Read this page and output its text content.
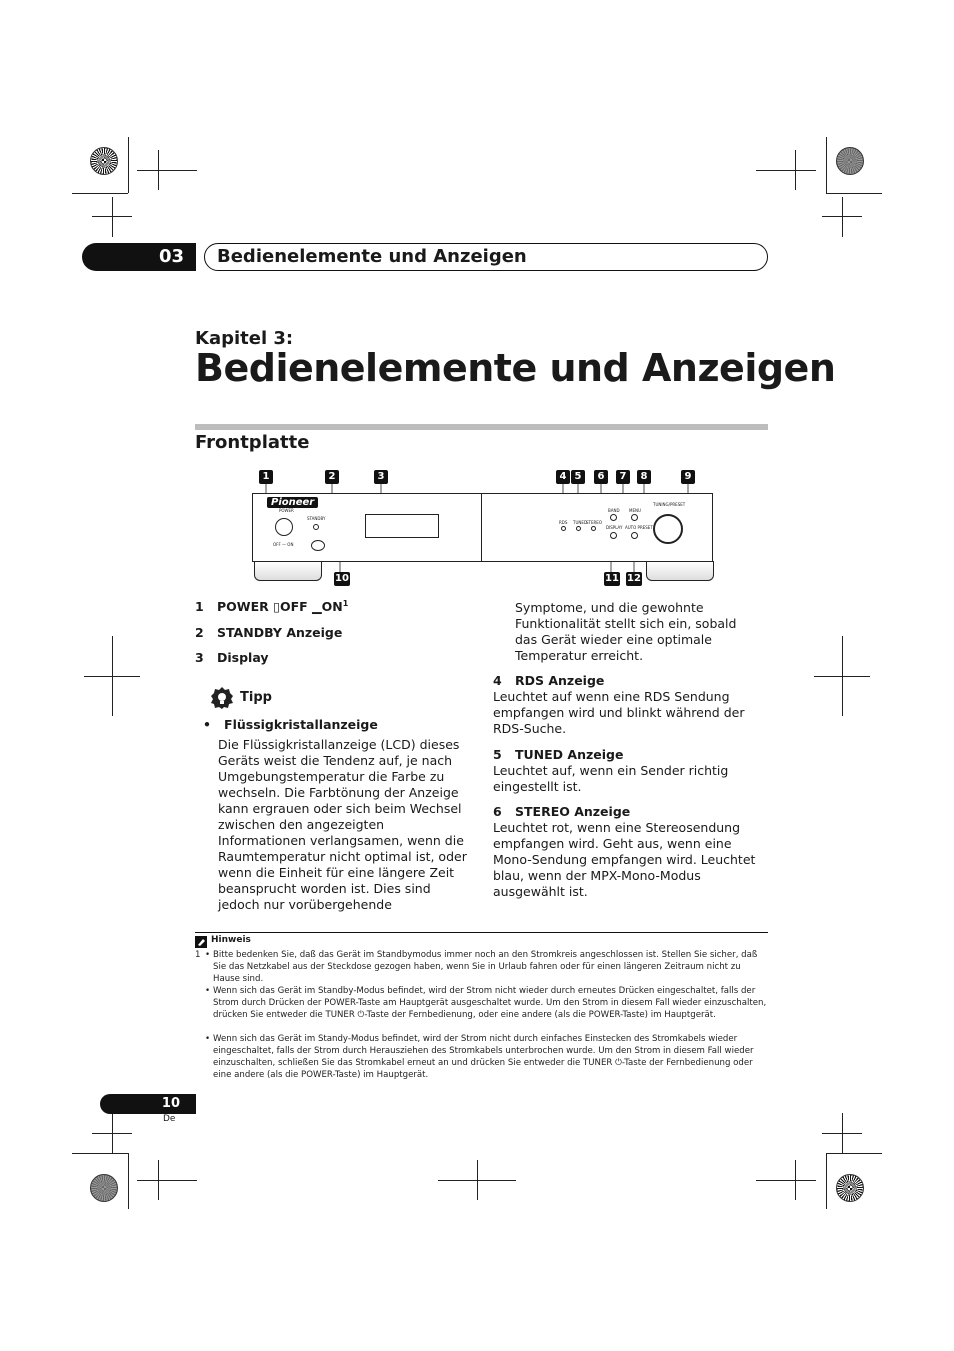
03	Bedienelemente und Anzeigen
Kapitel 3:
Bedienelemente und Anzeigen
Frontplatte
1	2	3	4 5	6	7	8	9
10	11 12
Pioneer
POWER
OFF — ON
STANDBY
RDS TUNED STEREO
BAND MENU
DISPLAY AUTO PRESET
TUNING/PRESET
1 POWER ▯OFF $▁ON^1$
2 STANDBY Anzeige
3 Display
Tipp
•   Flüssigkristallanzeige
Die Flüssigkristallanzeige (LCD) dieses Geräts weist die Tendenz auf, je nach Umgebungstemperatur die Farbe zu wechseln. Die Farbtönung der Anzeige kann ergrauen oder sich beim Wechsel zwischen den angezeigten Informationen verlangsamen, wenn die Raumtemperatur nicht optimal ist, oder wenn die Einheit für eine längere Zeit beansprucht worden ist. Dies sind jedoch nur vorübergehende
Symptome, und die gewohnte Funktionalität stellt sich ein, sobald das Gerät wieder eine optimale Temperatur erreicht.
4 RDS Anzeige
Leuchtet auf wenn eine RDS Sendung empfangen wird und blinkt während der RDS-Suche.
5 TUNED Anzeige
Leuchtet auf, wenn ein Sender richtig eingestellt ist.
6 STEREO Anzeige
Leuchtet rot, wenn eine Stereosendung empfangen wird. Geht aus, wenn eine Mono-Sendung empfangen wird. Leuchtet blau, wenn der MPX-Mono-Modus ausgewählt ist.
Hinweis
1 • Bitte bedenken Sie, daß das Gerät im Standbymodus immer noch an den Stromkreis angeschlossen ist. Stellen Sie sicher, daß Sie das Netzkabel aus der Steckdose gezogen haben, wenn Sie in Urlaub fahren oder für einen längeren Zeitraum nicht zu Hause sind.
• Wenn sich das Gerät im Standby-Modus befindet, wird der Strom nicht wieder durch erneutes Drücken eingeschaltet, falls der Strom durch Drücken der POWER-Taste am Hauptgerät ausgeschaltet wurde. Um den Strom in diesem Fall wieder einzuschalten, drücken Sie entweder die TUNER ⏻-Taste der Fernbedienung, oder eine andere (als die POWER-Taste) im Hauptgerät.
• Wenn sich das Gerät im Standy-Modus befindet, wird der Strom nicht durch einfaches Einstecken des Stromkabels wieder eingeschaltet, falls der Strom durch Herausziehen des Stromkabels unterbrochen wurde. Um den Strom in diesem Fall wieder einzuschalten, schließen Sie das Stromkabel erneut an und drücken Sie entweder die TUNER ⏻-Taste der Fernbedienung oder eine andere (als die POWER-Taste) im Hauptgerät.
10
De
